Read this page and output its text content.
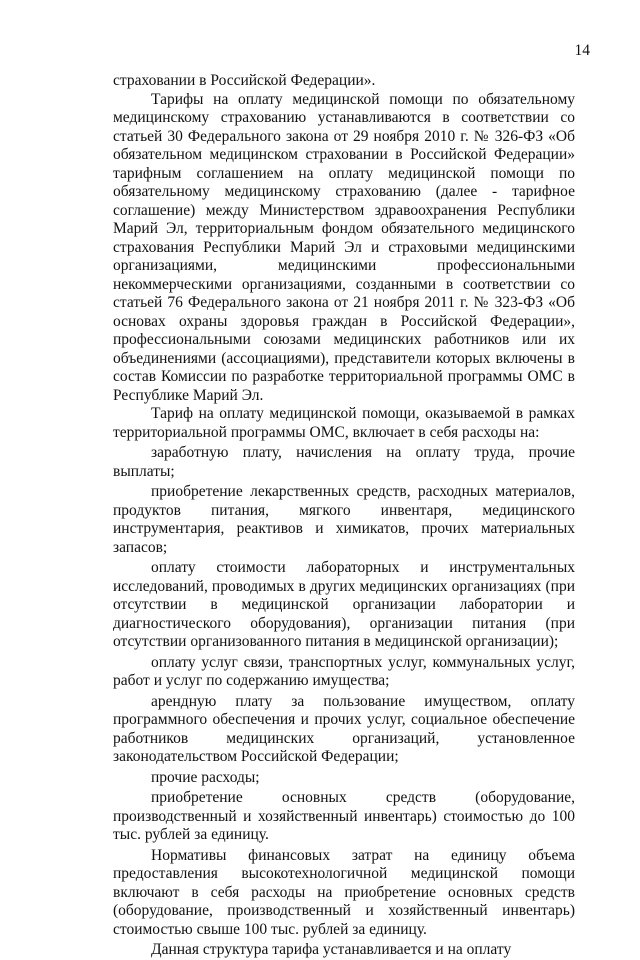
14

страховании в Российской Федерации».

Тарифы на оплату медицинской помощи по обязательному медицинскому страхованию устанавливаются в соответствии со статьей 30 Федерального закона от 29 ноября 2010 г. № 326-ФЗ «Об обязательном медицинском страховании в Российской Федерации» тарифным соглашением на оплату медицинской помощи по обязательному медицинскому страхованию (далее - тарифное соглашение) между Министерством здравоохранения Республики Марий Эл, территориальным фондом обязательного медицинского страхования Республики Марий Эл и страховыми медицинскими организациями, медицинскими профессиональными некоммерческими организациями, созданными в соответствии со статьей 76 Федерального закона от 21 ноября 2011 г. № 323-ФЗ «Об основах охраны здоровья граждан в Российской Федерации», профессиональными союзами медицинских работников или их объединениями (ассоциациями), представители которых включены в состав Комиссии по разработке территориальной программы ОМС в Республике Марий Эл.

Тариф на оплату медицинской помощи, оказываемой в рамках территориальной программы ОМС, включает в себя расходы на:

заработную плату, начисления на оплату труда, прочие выплаты;

приобретение лекарственных средств, расходных материалов, продуктов питания, мягкого инвентаря, медицинского инструментария, реактивов и химикатов, прочих материальных запасов;

оплату стоимости лабораторных и инструментальных исследований, проводимых в других медицинских организациях (при отсутствии в медицинской организации лаборатории и диагностического оборудования), организации питания (при отсутствии организованного питания в медицинской организации);

оплату услуг связи, транспортных услуг, коммунальных услуг, работ и услуг по содержанию имущества;

арендную плату за пользование имуществом, оплату программного обеспечения и прочих услуг, социальное обеспечение работников медицинских организаций, установленное законодательством Российской Федерации;

прочие расходы;

приобретение основных средств (оборудование, производственный и хозяйственный инвентарь) стоимостью до 100 тыс. рублей за единицу.

Нормативы финансовых затрат на единицу объема предоставления высокотехнологичной медицинской помощи включают в себя расходы на приобретение основных средств (оборудование, производственный и хозяйственный инвентарь) стоимостью свыше 100 тыс. рублей за единицу.

Данная структура тарифа устанавливается и на оплату
